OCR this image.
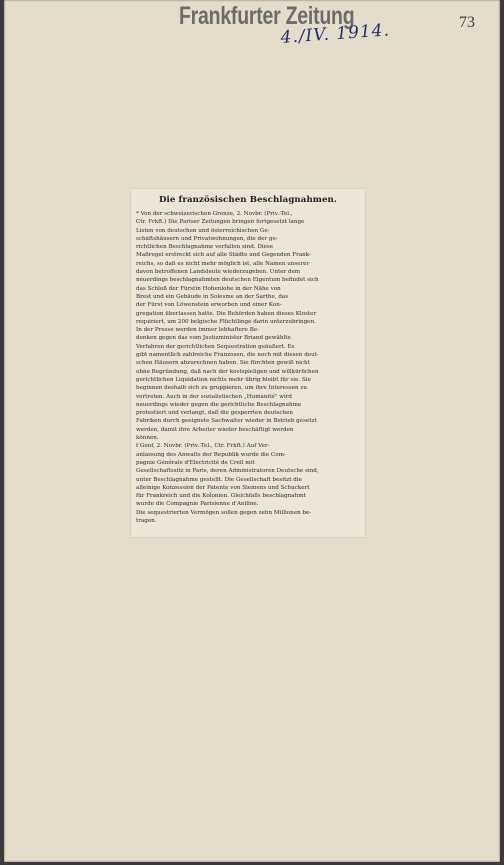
Frankfurter Zeitung	73
4./IV. 1914.
Die französischen Beschlagnahmen.
* Von der schweizerischen Grenze, 2. Novbr. (Priv.-Tel.,
Ctr. Frkft.) Die Pariser Zeitungen bringen fortgesetzt lange
Listen von deutschen und österreichischen Ge-
schäftshäusern und Privatwohnungen, die der ge-
richtlichen Beschlagnahme verfallen sind. Diese
Maßregel erstreckt sich auf alle Städte und Gegenden Frank-
reichs, so daß es nicht mehr möglich ist, alle Namen unserer
davon betroffenen Landsleute wiederzugeben. Unter dem
neuerdings beschlagnahmten deutschen Eigentum befindet sich
das Schloß der Fürstin Hohenlohe in der Nähe von
Brest und ein Gebäude in Solesme an der Sarthe, das
der Fürst von Löwenstein erworben und einer Kon-
gregation überlassen hatte. Die Behörden haben dieses Kloster
requiriert, um 200 belgische Flüchtlinge darin unterzubringen.
In der Presse werden immer lebhaftere Be-
denken gegen das vom Justizminister Briand gewählte
Verfahren der gerichtlichen Sequestration geäußert. Es
gibt namentlich zahlreiche Franzosen, die noch mit diesen deut-
schen Häusern abzurechnen haben. Sie fürchten gewiß nicht
ohne Begründung, daß nach der kostspieligen und willkürlichen
gerichtlichen Liquidation nichts mehr übrig bleibt für sie. Sie
beginnen deshalb sich zu gruppieren, um ihre Interessen zu
vertreten. Auch in der sozialistischen „Humanité" wird
neuerdings wieder gegen die gerichtliche Beschlagnahme
protestiert und verlangt, daß die gesperrten deutschen
Fabriken durch geeignete Sachwalter wieder in Betrieb gesetzt
werden, damit ihre Arbeiter wieder beschäftigt werden
können.
f Genf, 2. Novbr. (Priv.-Tel., Ctr. Frkft.) Auf Ver-
anlassung des Anwalts der Republik wurde die Com-
pagnie Générale d'Electricité de Creil mit
Gesellschaftssitz in Paris, deren Administratoren Deutsche sind,
unter Beschlagnahme gestellt. Die Gesellschaft besitzt die
alleinige Konzession der Patente von Siemens und Schuckert
für Frankreich und die Kolonien. Gleichfalls beschlagnahmt
wurde die Compagnie Parisienne d'Aniline.
Die sequestrierten Vermögen sollen gegen zehn Millionen be-
tragen.
